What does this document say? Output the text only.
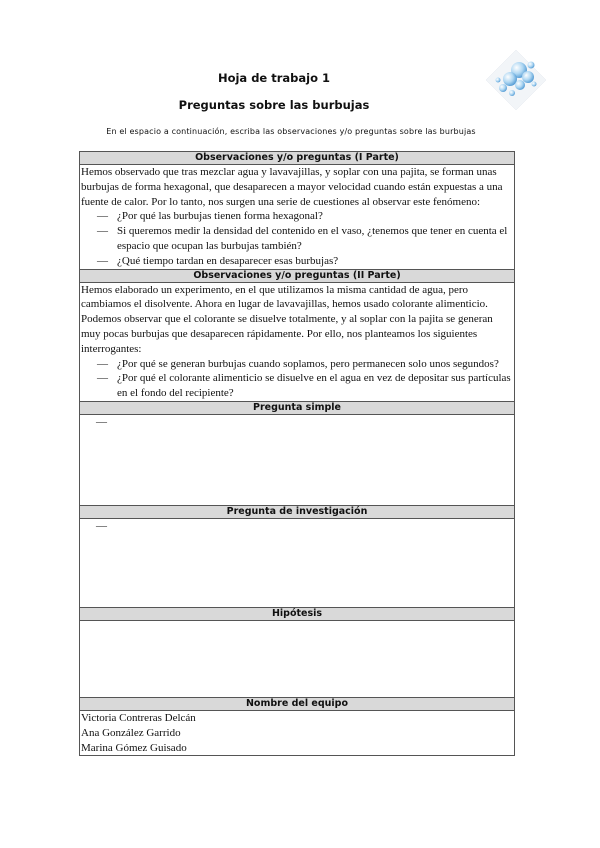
Hoja de trabajo 1
Preguntas sobre las burbujas
En el espacio a continuación, escriba las observaciones y/o preguntas sobre las burbujas
Observaciones y/o preguntas (I Parte)

Hemos observado que tras mezclar agua y lavavajillas, y soplar con una pajita, se forman unas burbujas de forma hexagonal, que desaparecen a mayor velocidad cuando están expuestas a una fuente de calor. Por lo tanto, nos surgen una serie de cuestiones al observar este fenómeno:
— ¿Por qué las burbujas tienen forma hexagonal?
— Si queremos medir la densidad del contenido en el vaso, ¿tenemos que tener en cuenta el espacio que ocupan las burbujas también?
— ¿Qué tiempo tardan en desaparecer esas burbujas?

Observaciones y/o preguntas (II Parte)

Hemos elaborado un experimento, en el que utilizamos la misma cantidad de agua, pero cambiamos el disolvente. Ahora en lugar de lavavajillas, hemos usado colorante alimenticio. Podemos observar que el colorante se disuelve totalmente, y al soplar con la pajita se generan muy pocas burbujas que desaparecen rápidamente. Por ello, nos planteamos los siguientes interrogantes:
— ¿Por qué se generan burbujas cuando soplamos, pero permanecen solo unos segundos?
— ¿Por qué el colorante alimenticio se disuelve en el agua en vez de depositar sus partículas en el fondo del recipiente?

Pregunta simple
—
Pregunta de investigación
—
Hipótesis

Nombre del equipo

Victoria Contreras Delcán
Ana González Garrido
Marina Gómez Guisado
